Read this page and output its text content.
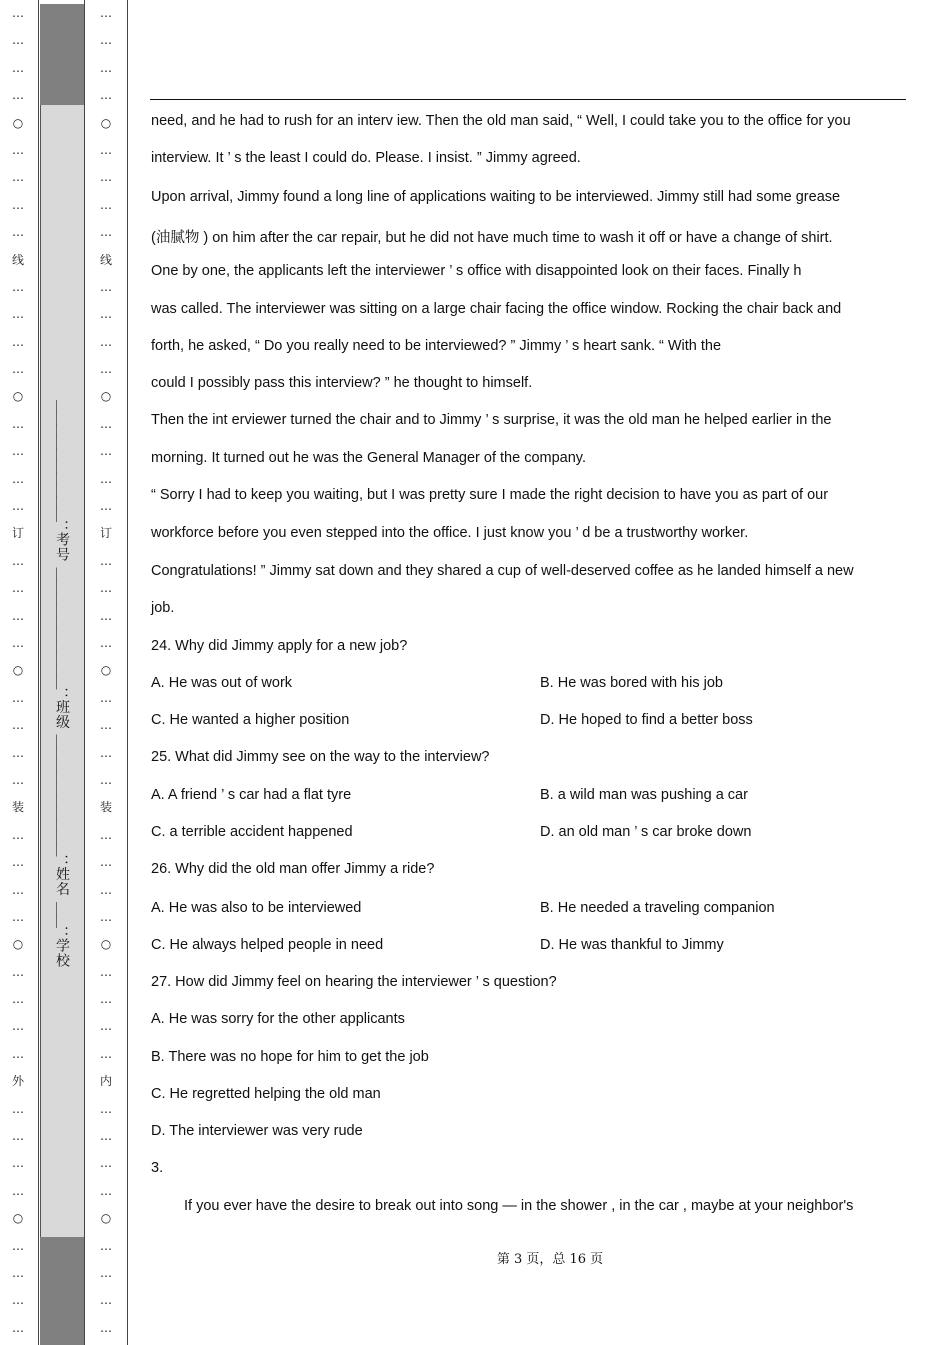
…
…
…
…
○
…
…
…
…
线
…
…
…
…
○
…
…
…
…
订
…
…
…
…
○
…
…
…
…
装
…
…
…
…
○
…
…
…
…
外
…
…
…
…
○
…
…
…
…
…
…
…
…
○
…
…
…
…
线
…
…
…
…
○
…
…
…
…
订
…
…
…
…
○
…
…
…
…
装
…
…
…
…
○
…
…
…
…
内
…
…
…
…
○
…
…
…
…
＿＿＿＿＿＿＿＿＿＿：考号 ＿＿＿＿＿＿＿＿＿＿：班级 ＿＿＿＿＿＿＿＿＿＿：姓名 ＿＿：学校
need, and he had to rush for an interv iew. Then the old man said, “ Well, I could take you to the office for you
interview. It ’ s the least I could do. Please. I insist. ” Jimmy agreed.
Upon arrival, Jimmy found a long line of applications waiting to be interviewed. Jimmy still had some grease
(油腻物 ) on him after the car repair, but he did not have much time to wash it off or have a change of shirt.
One by one, the applicants left the interviewer ’ s office with disappointed look on their faces. Finally h
was called. The interviewer was sitting on a large chair facing the office window. Rocking the chair back and
forth, he asked, “ Do you really need to be interviewed? ” Jimmy ’ s heart sank. “ With the
could I possibly pass this interview? ” he thought to himself.
Then the int erviewer turned the chair and to Jimmy ’ s surprise, it was the old man he helped earlier in the
morning. It turned out he was the General Manager of the company.
“ Sorry I had to keep you waiting, but I was pretty sure I made the right decision to have you as part of our
workforce before you even stepped into the office. I just know you ’ d be a trustworthy worker.
Congratulations! ” Jimmy sat down and they shared a cup of well-deserved coffee as he landed himself a new
job.
24. Why did Jimmy apply for a new job?
A. He was out of work	B. He was bored with his job
C. He wanted a higher position	D. He hoped to find a better boss
25. What did Jimmy see on the way to the interview?
A. A friend ’ s car had a flat tyre	B. a wild man was pushing a car
C. a terrible accident happened	D. an old man ’ s car broke down
26. Why did the old man offer Jimmy a ride?
A. He was also to be interviewed	B. He needed a traveling companion
C. He always helped people in need	D. He was thankful to Jimmy
27. How did Jimmy feel on hearing the interviewer ’ s question?
A. He was sorry for the other applicants
B. There was no hope for him to get the job
C. He regretted helping the old man
D. The interviewer was very rude
3.
If you ever have the desire to break out into song — in the shower , in the car , maybe at your neighbor's
第 3 页，总 16 页
